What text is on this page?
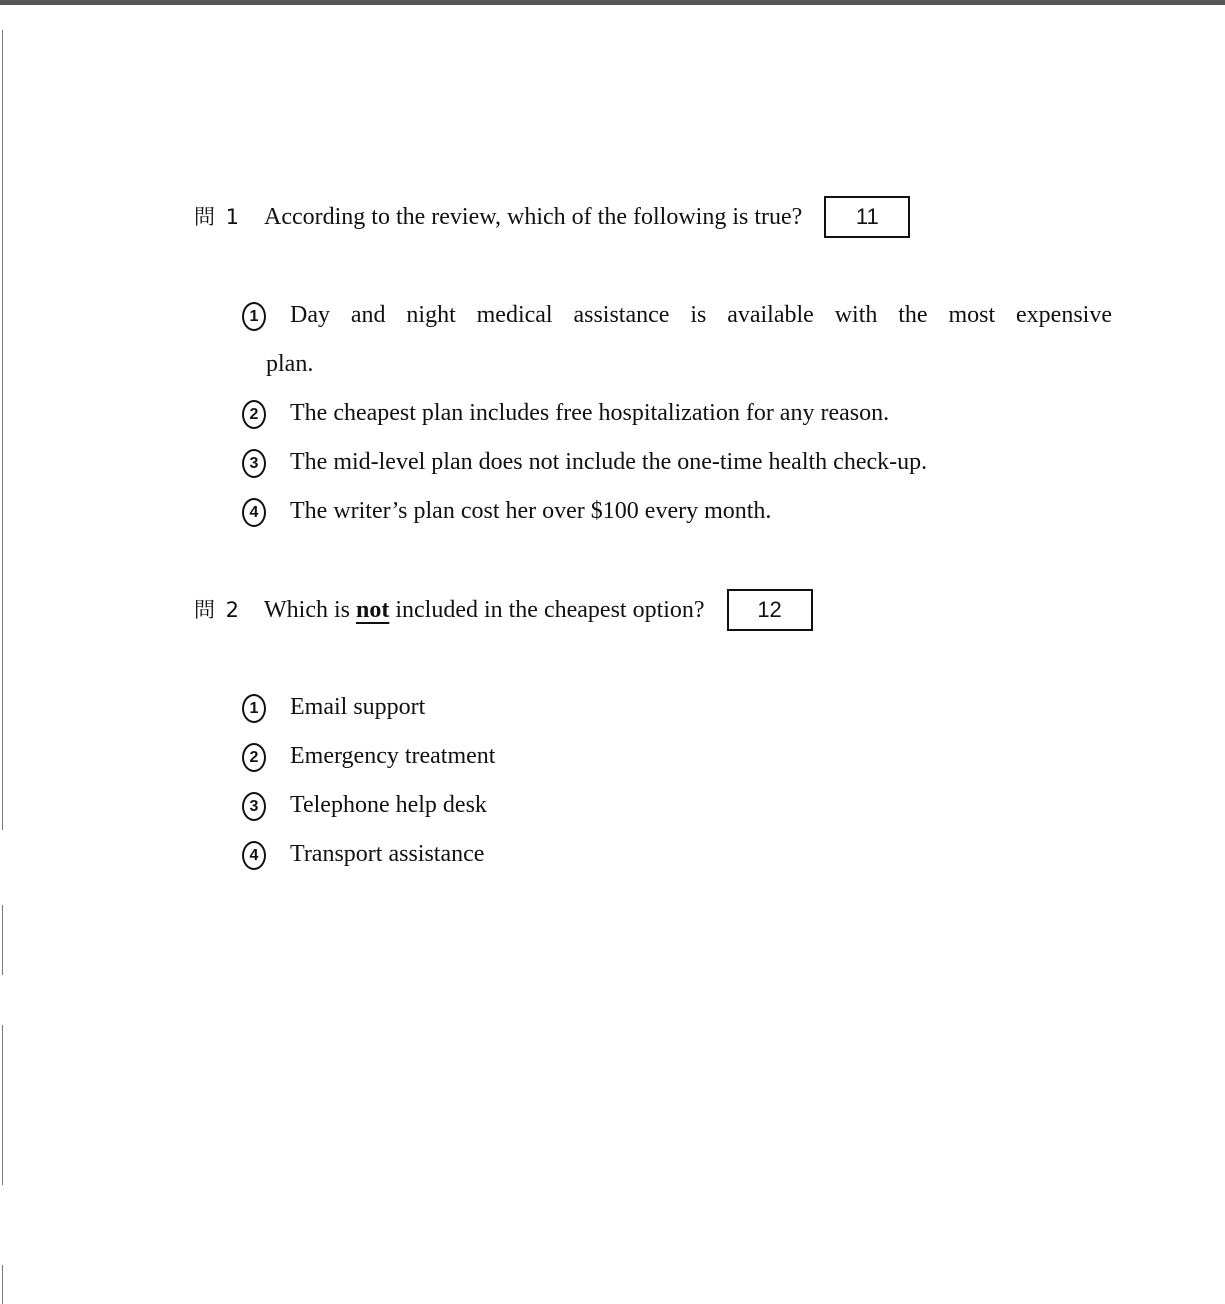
問 1 According to the review, which of the following is true?	11
1	Day and night medical assistance is available with the most expensive
plan.
2	The cheapest plan includes free hospitalization for any reason.
3	The mid-level plan does not include the one-time health check-up.
4	The writer’s plan cost her over $100 every month.
問 2 Which is not included in the cheapest option?	12
1	Email support
2	Emergency treatment
3	Telephone help desk
4	Transport assistance
